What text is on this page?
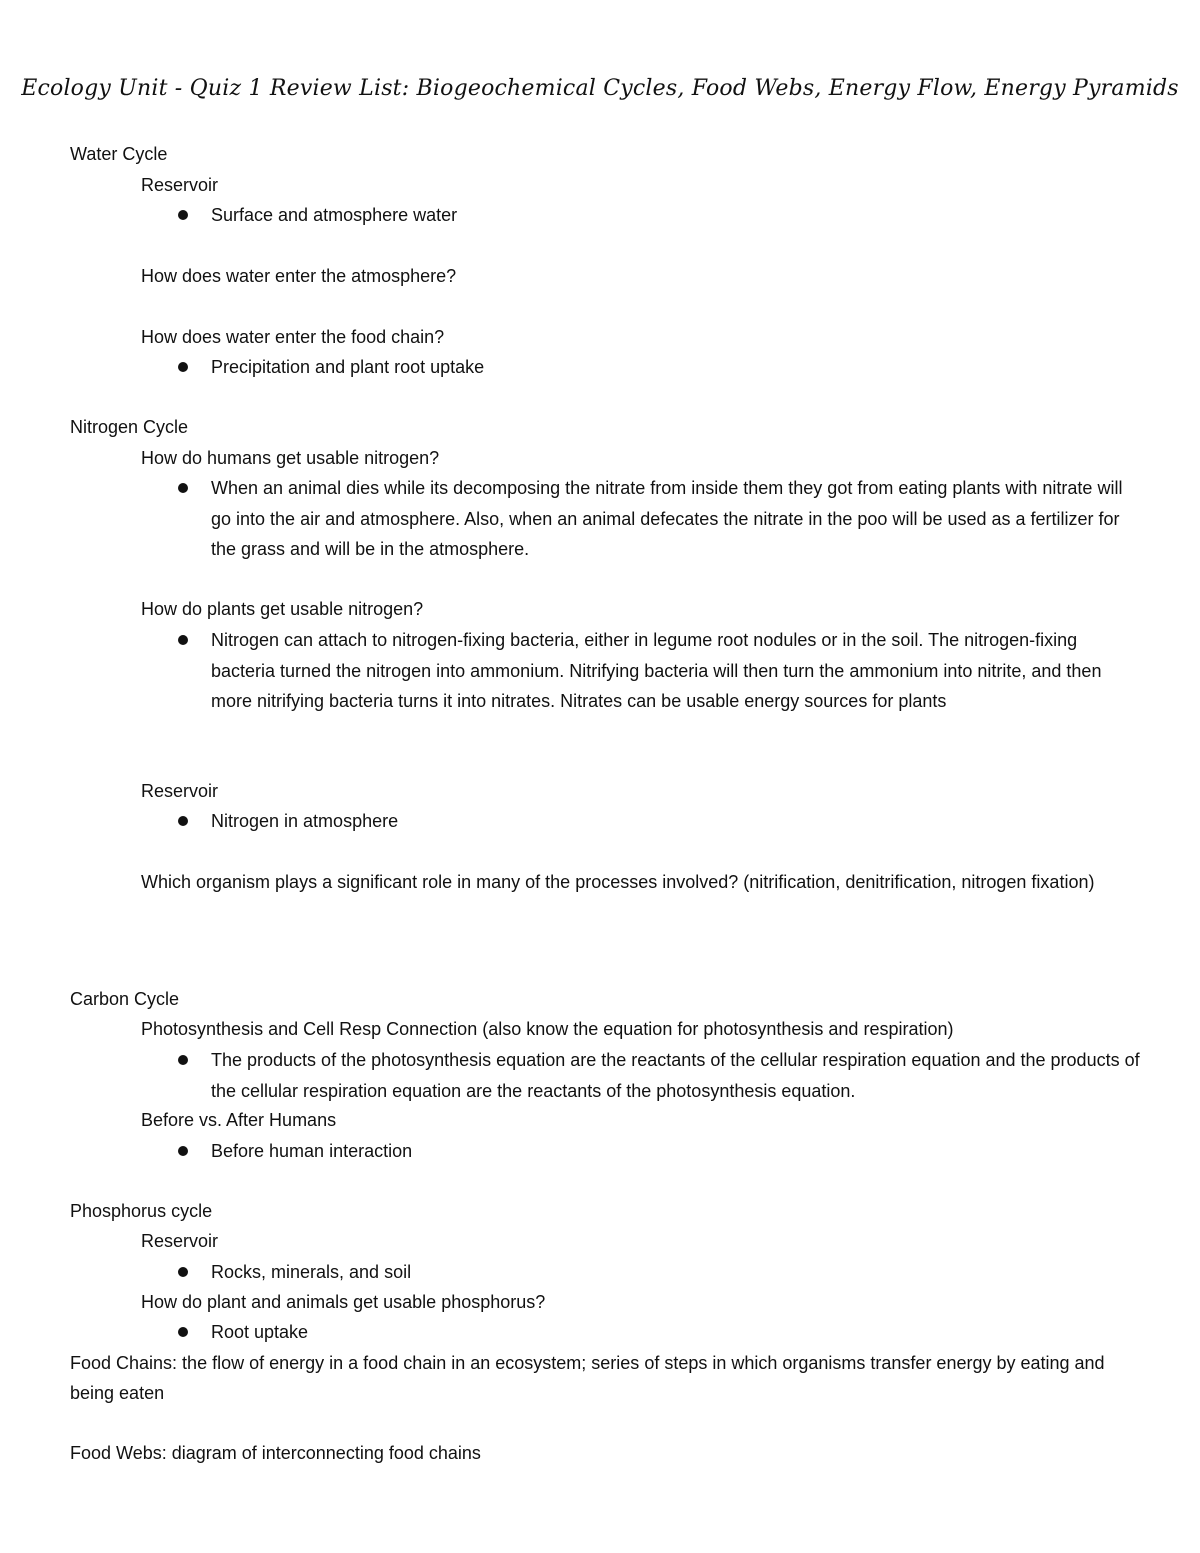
Ecology Unit - Quiz 1 Review List: Biogeochemical Cycles, Food Webs, Energy Flow, Energy Pyramids
Water Cycle
Reservoir
Surface and atmosphere water
How does water enter the atmosphere?
How does water enter the food chain?
Precipitation and plant root uptake
Nitrogen Cycle
How do humans get usable nitrogen?
When an animal dies while its decomposing the nitrate from inside them they got from eating plants with nitrate will go into the air and atmosphere. Also, when an animal defecates the nitrate in the poo will be used as a fertilizer for the grass and will be in the atmosphere.
How do plants get usable nitrogen?
Nitrogen can attach to nitrogen-fixing bacteria, either in legume root nodules or in the soil. The nitrogen-fixing bacteria turned the nitrogen into ammonium. Nitrifying bacteria will then turn the ammonium into nitrite, and then more nitrifying bacteria turns it into nitrates. Nitrates can be usable energy sources for plants
Reservoir
Nitrogen in atmosphere
Which organism plays a significant role in many of the processes involved? (nitrification, denitrification, nitrogen fixation)
Carbon Cycle
Photosynthesis and Cell Resp Connection (also know the equation for photosynthesis and respiration)
The products of the photosynthesis equation are the reactants of the cellular respiration equation and the products of the cellular respiration equation are the reactants of the photosynthesis equation.
Before vs. After Humans
Before human interaction
Phosphorus cycle
Reservoir
Rocks, minerals, and soil
How do plant and animals get usable phosphorus?
Root uptake
Food Chains: the flow of energy in a food chain in an ecosystem; series of steps in which organisms transfer energy by eating and being eaten
Food Webs: diagram of interconnecting food chains
